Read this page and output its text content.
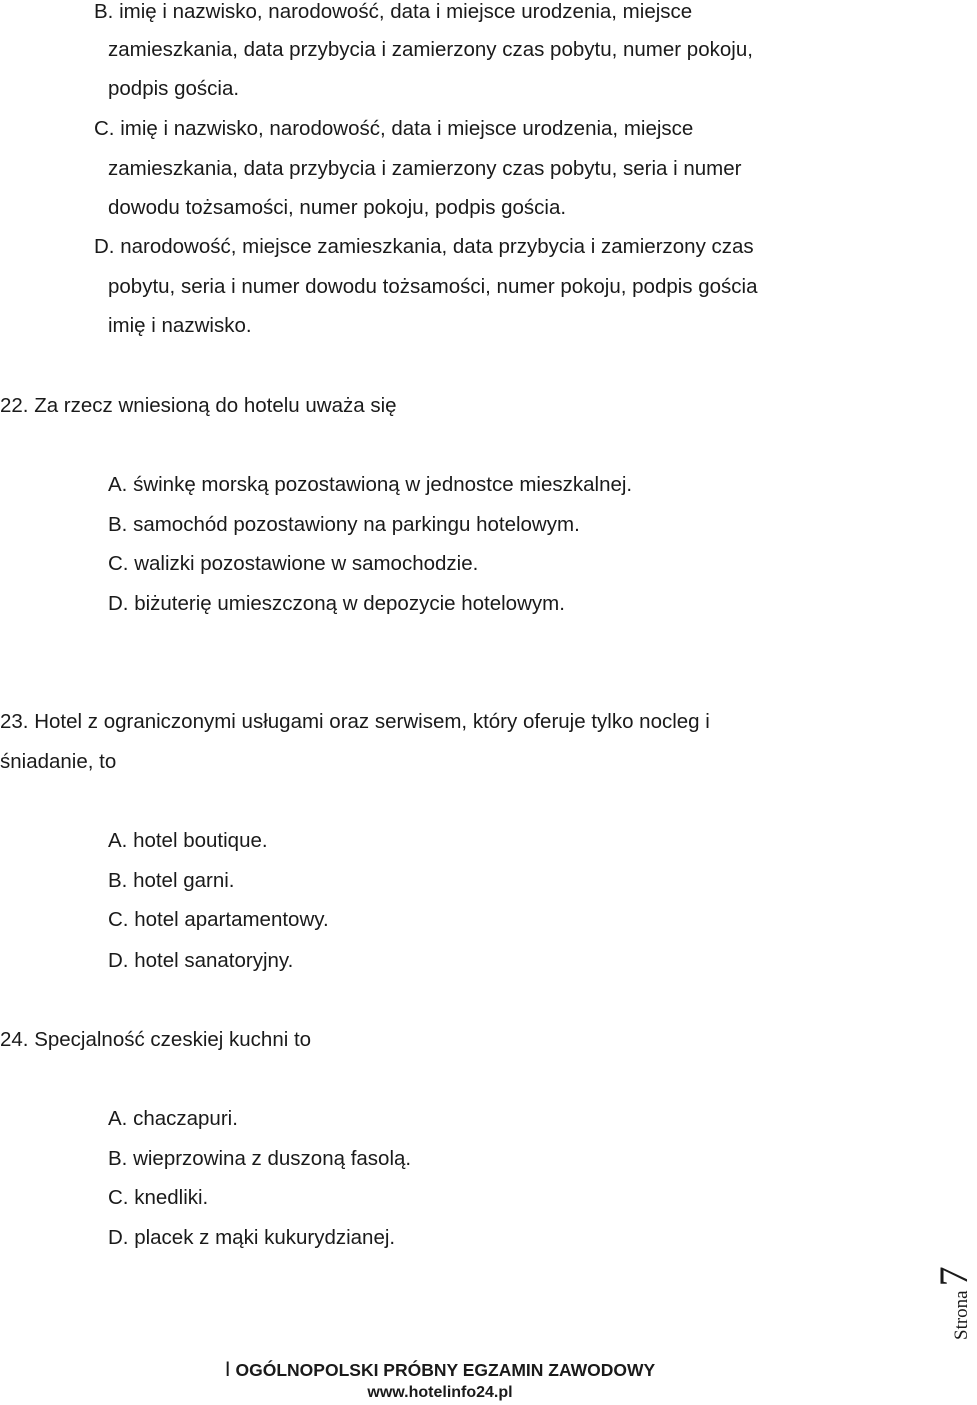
B. imię i nazwisko, narodowość, data i miejsce urodzenia, miejsce

zamieszkania, data przybycia i zamierzony czas pobytu, numer pokoju,

podpis gościa.

C. imię i nazwisko, narodowość, data i miejsce urodzenia, miejsce

zamieszkania, data przybycia i zamierzony czas pobytu, seria i numer

dowodu tożsamości, numer pokoju, podpis gościa.

D. narodowość, miejsce zamieszkania, data przybycia i zamierzony czas

pobytu, seria i numer dowodu tożsamości, numer pokoju, podpis gościa

imię i nazwisko.

22. Za rzecz wniesioną do hotelu uważa się

A. świnkę morską pozostawioną w jednostce mieszkalnej.

B. samochód pozostawiony na parkingu hotelowym.

C. walizki pozostawione w samochodzie.

D. biżuterię umieszczoną w depozycie hotelowym.

23. Hotel z ograniczonymi usługami oraz serwisem, który oferuje tylko nocleg i

śniadanie, to

A. hotel boutique.

B. hotel garni.

C. hotel apartamentowy.

D. hotel sanatoryjny.

24. Specjalność czeskiej kuchni to

A. chaczapuri.

B. wieprzowina z duszoną fasolą.

C. knedliki.

D. placek z mąki kukurydzianej.

Strona 7
I OGÓLNOPOLSKI PRÓBNY EGZAMIN ZAWODOWY
www.hotelinfo24.pl
